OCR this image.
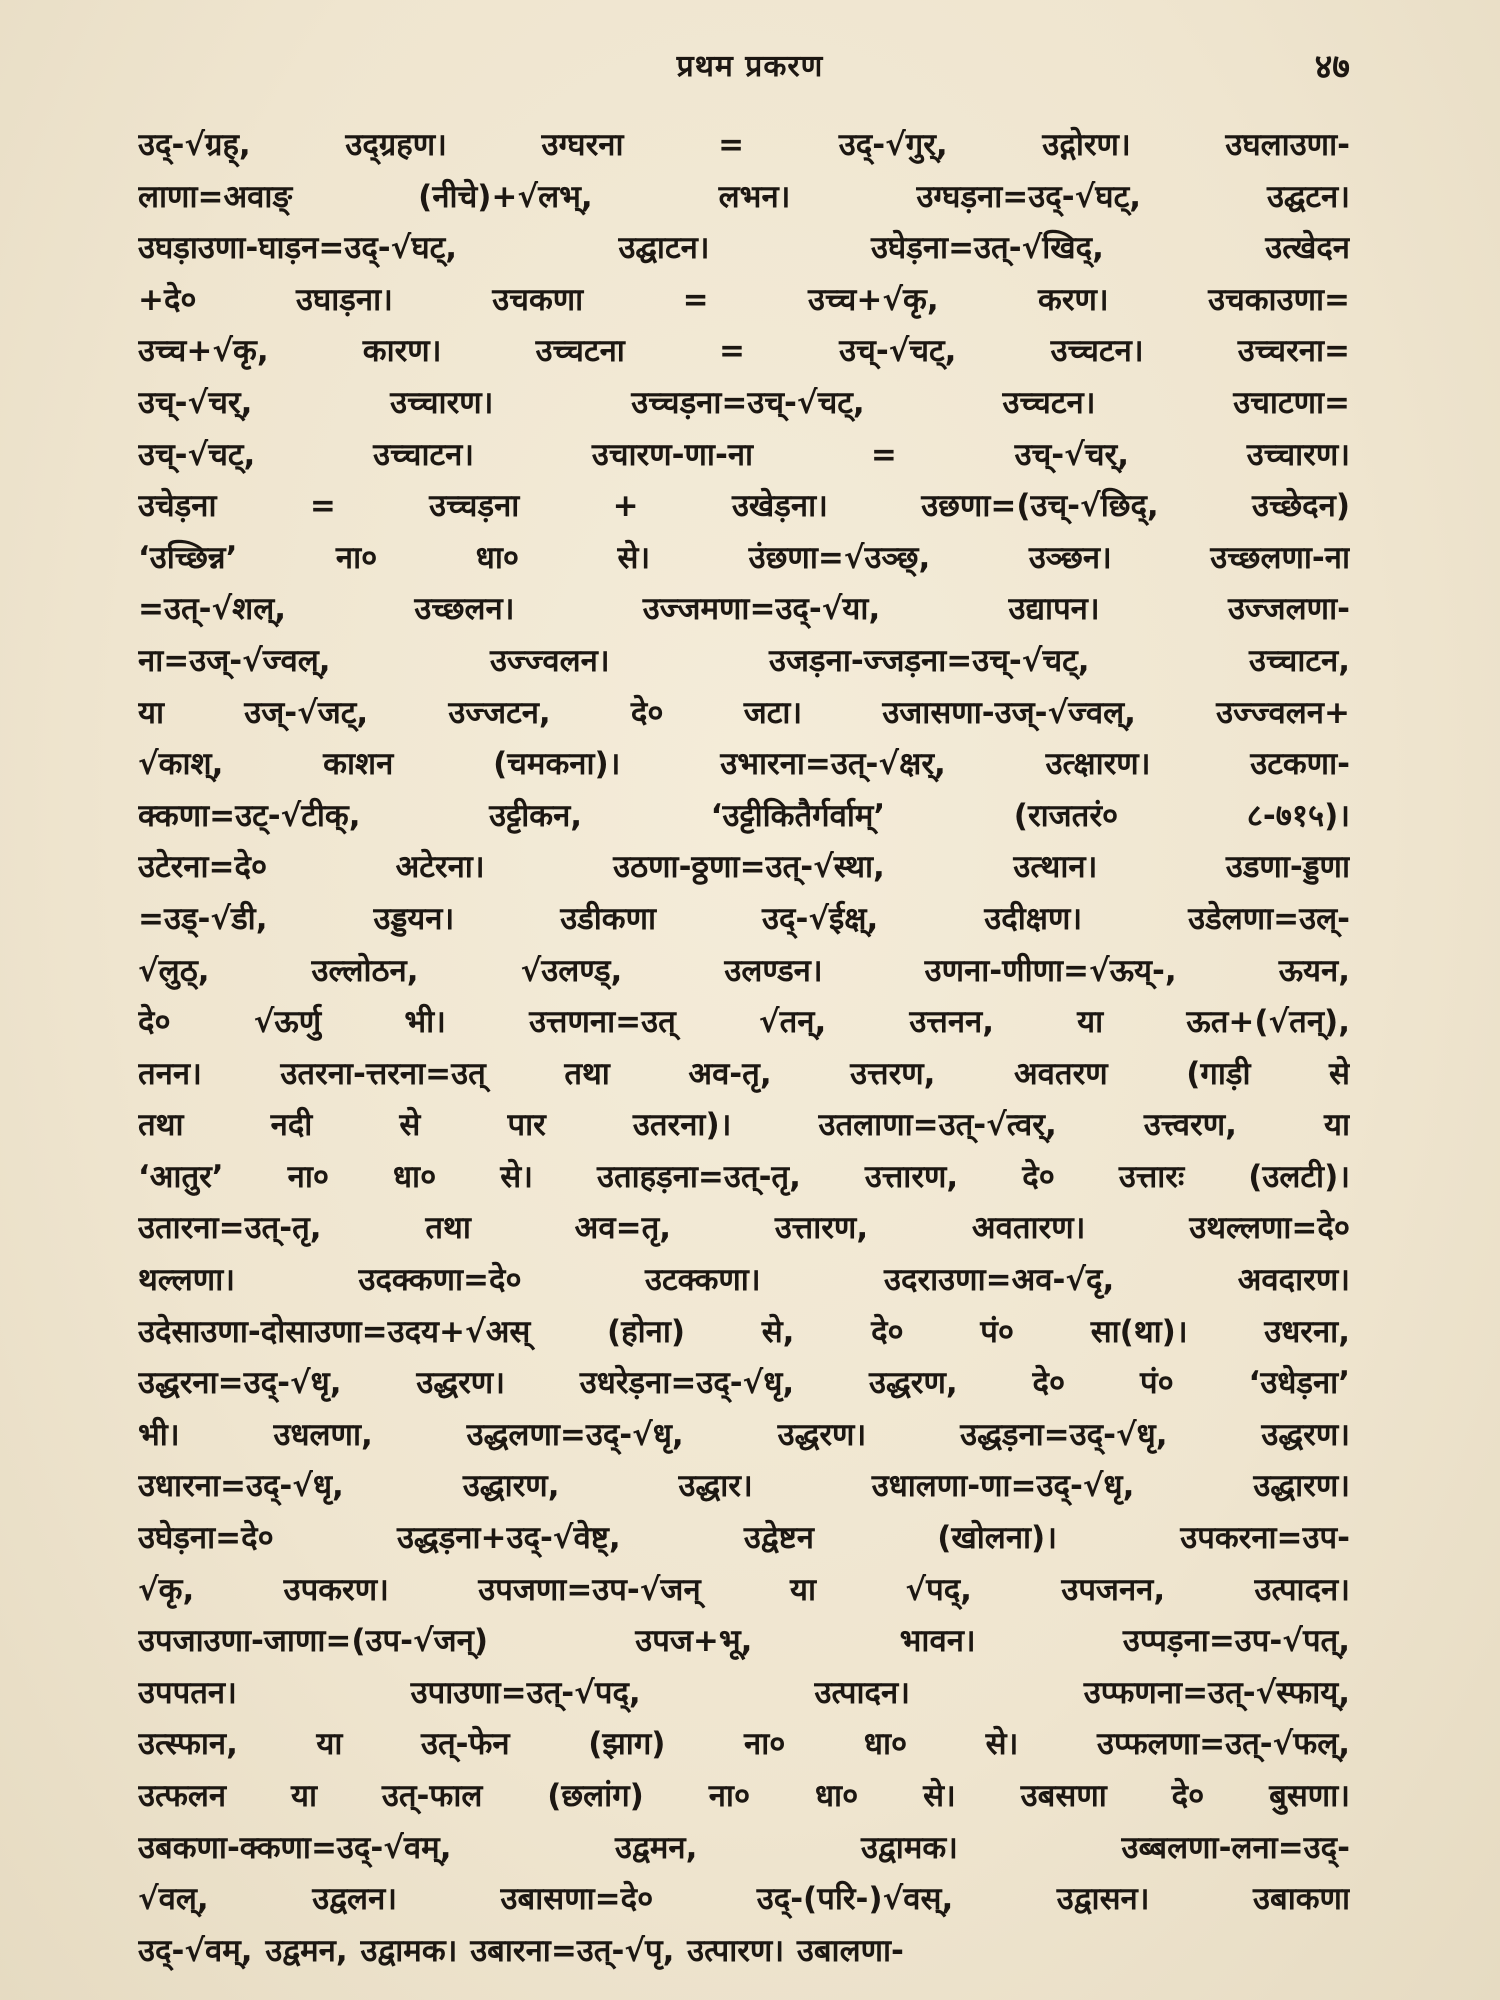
प्रथम प्रकरण	४७
उद्-√ग्रह्, उद्ग्रहण। उग्घरना = उद्-√गुर्, उद्गोरण। उघलाउणा-
लाणा=अवाङ् (नीचे)+√लभ्, लभन। उग्घड़ना=उद्-√घट्, उद्घटन।
उघड़ाउणा-घाड़न=उद्-√घट्, उद्घाटन। उघेड़ना=उत्-√खिद्, उत्खेदन
+दे० उघाड़ना। उचकणा = उच्च+√कृ, करण। उचकाउणा=
उच्च+√कृ, कारण। उच्चटना = उच्-√चट्, उच्चटन। उच्चरना=
उच्-√चर्, उच्चारण। उच्चड़ना=उच्-√चट्, उच्चटन। उचाटणा=
उच्-√चट्, उच्चाटन। उचारण-णा-ना = उच्-√चर्, उच्चारण।
उचेड़ना = उच्चड़ना + उखेड़ना। उछणा=(उच्-√छिद्, उच्छेदन)
‘उच्छिन्न’ ना० धा० से। उंछणा=√उञ्छ्, उञ्छन। उच्छलणा-ना
=उत्-√शल्, उच्छलन। उज्जमणा=उद्-√या, उद्यापन। उज्जलणा-
ना=उज्-√ज्वल्, उज्ज्वलन। उजड़ना-ज्जड़ना=उच्-√चट्, उच्चाटन,
या उज्-√जट्, उज्जटन, दे० जटा। उजासणा-उज्-√ज्वल्, उज्ज्वलन+
√काश्, काशन (चमकना)। उभारना=उत्-√क्षर्, उत्क्षारण। उटकणा-
क्कणा=उट्-√टीक्, उट्टीकन, ‘उट्टीकितैर्गर्वाम्’ (राजतरं० ८-७१५)।
उटेरना=दे० अटेरना। उठणा-ठ्ठणा=उत्-√स्था, उत्थान। उडणा-ड्डणा
=उड्-√डी, उड्डयन। उडीकणा उद्-√ईक्ष्, उदीक्षण। उडेलणा=उल्-
√लुठ्, उल्लोठन, √उलण्ड्, उलण्डन। उणना-णीणा=√ऊय्-, ऊयन,
दे० √ऊर्णु भी। उत्तणना=उत् √तन्, उत्तनन, या ऊत+(√तन्),
तनन। उतरना-त्तरना=उत् तथा अव-तृ, उत्तरण, अवतरण (गाड़ी से
तथा नदी से पार उतरना)। उतलाणा=उत्-√त्वर्, उत्त्वरण, या
‘आतुर’ ना० धा० से। उताहड़ना=उत्-तृ, उत्तारण, दे० उत्तारः (उलटी)।
उतारना=उत्-तृ, तथा अव=तृ, उत्तारण, अवतारण। उथल्लणा=दे०
थल्लणा। उदक्कणा=दे० उटक्कणा। उदराउणा=अव-√दृ, अवदारण।
उदेसाउणा-दोसाउणा=उदय+√अस् (होना) से, दे० पं० सा(था)। उधरना,
उद्धरना=उद्-√धृ, उद्धरण। उधरेड़ना=उद्-√धृ, उद्धरण, दे० पं० ‘उधेड़ना’
भी। उधलणा, उद्धलणा=उद्-√धृ, उद्धरण। उद्धड़ना=उद्-√धृ, उद्धरण।
उधारना=उद्-√धृ, उद्धारण, उद्धार। उधालणा-णा=उद्-√धृ, उद्धारण।
उघेड़ना=दे० उद्धड़ना+उद्-√वेष्ट्, उद्वेष्टन (खोलना)। उपकरना=उप-
√कृ, उपकरण। उपजणा=उप-√जन् या √पद्, उपजनन, उत्पादन।
उपजाउणा-जाणा=(उप-√जन्) उपज+भू, भावन। उप्पड़ना=उप-√पत्,
उपपतन। उपाउणा=उत्-√पद्, उत्पादन। उप्फणना=उत्-√स्फाय्,
उत्स्फान, या उत्-फेन (झाग) ना० धा० से। उप्फलणा=उत्-√फल्,
उत्फलन या उत्-फाल (छलांग) ना० धा० से। उबसणा दे० बुसणा।
उबकणा-क्कणा=उद्-√वम्, उद्वमन, उद्वामक। उब्बलणा-लना=उद्-
√वल्, उद्वलन। उबासणा=दे० उद्-(परि-)√वस्, उद्वासन। उबाकणा
उद्-√वम्, उद्वमन, उद्वामक। उबारना=उत्-√पृ, उत्पारण। उबालणा-
